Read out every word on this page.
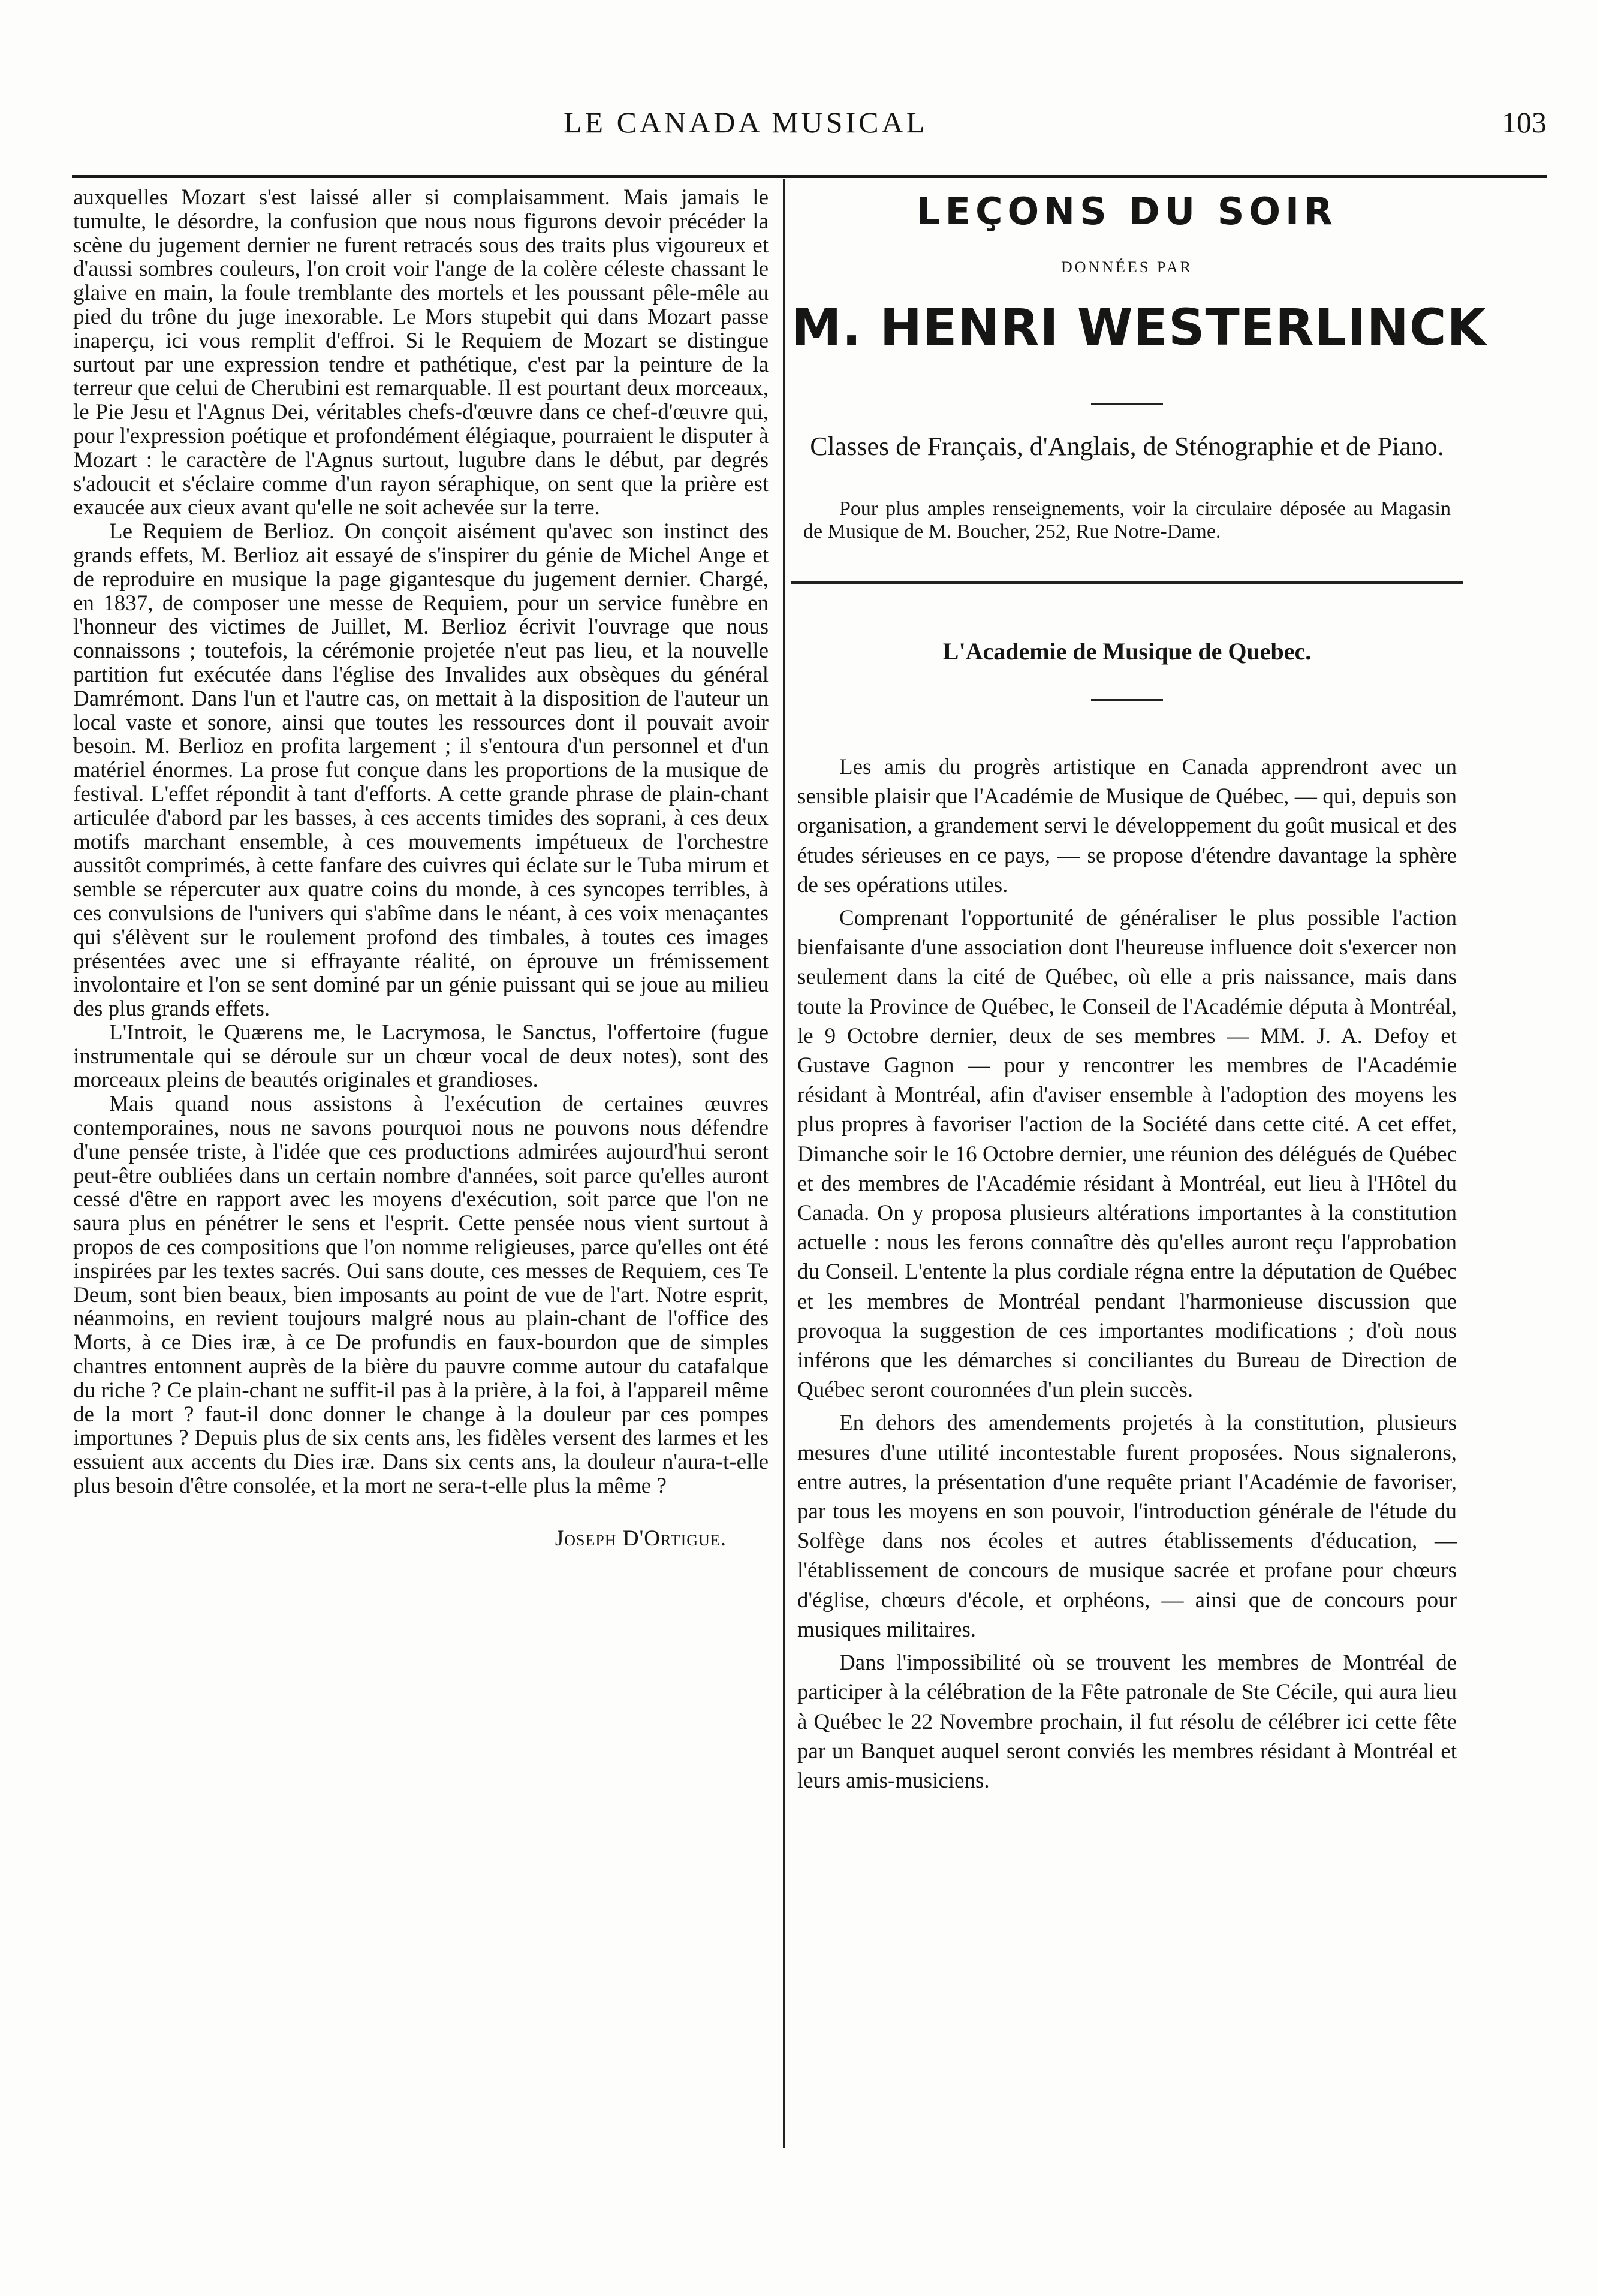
LE CANADA MUSICAL	103

auxquelles Mozart s'est laissé aller si complaisamment. Mais jamais le tumulte, le désordre, la confusion que nous nous figurons devoir précéder la scène du jugement dernier ne furent retracés sous des traits plus vigoureux et d'aussi sombres couleurs, l'on croit voir l'ange de la colère céleste chassant le glaive en main, la foule tremblante des mortels et les poussant pêle-mêle au pied du trône du juge inexorable. Le Mors stupebit qui dans Mozart passe inaperçu, ici vous remplit d'effroi. Si le Requiem de Mozart se distingue surtout par une expression tendre et pathétique, c'est par la peinture de la terreur que celui de Cherubini est remarquable. Il est pourtant deux morceaux, le Pie Jesu et l'Agnus Dei, véritables chefs-d'œuvre dans ce chef-d'œuvre qui, pour l'expression poétique et profondément élégiaque, pourraient le disputer à Mozart : le caractère de l'Agnus surtout, lugubre dans le début, par degrés s'adoucit et s'éclaire comme d'un rayon séraphique, on sent que la prière est exaucée aux cieux avant qu'elle ne soit achevée sur la terre.

Le Requiem de Berlioz. On conçoit aisément qu'avec son instinct des grands effets, M. Berlioz ait essayé de s'inspirer du génie de Michel Ange et de reproduire en musique la page gigantesque du jugement dernier. Chargé, en 1837, de composer une messe de Requiem, pour un service funèbre en l'honneur des victimes de Juillet, M. Berlioz écrivit l'ouvrage que nous connaissons ; toutefois, la cérémonie projetée n'eut pas lieu, et la nouvelle partition fut exécutée dans l'église des Invalides aux obsèques du général Damrémont. Dans l'un et l'autre cas, on mettait à la disposition de l'auteur un local vaste et sonore, ainsi que toutes les ressources dont il pouvait avoir besoin. M. Berlioz en profita largement ; il s'entoura d'un personnel et d'un matériel énormes. La prose fut conçue dans les proportions de la musique de festival. L'effet répondit à tant d'efforts. A cette grande phrase de plain-chant articulée d'abord par les basses, à ces accents timides des soprani, à ces deux motifs marchant ensemble, à ces mouvements impétueux de l'orchestre aussitôt comprimés, à cette fanfare des cuivres qui éclate sur le Tuba mirum et semble se répercuter aux quatre coins du monde, à ces syncopes terribles, à ces convulsions de l'univers qui s'abîme dans le néant, à ces voix menaçantes qui s'élèvent sur le roulement profond des timbales, à toutes ces images présentées avec une si effrayante réalité, on éprouve un frémissement involontaire et l'on se sent dominé par un génie puissant qui se joue au milieu des plus grands effets.

L'Introit, le Quærens me, le Lacrymosa, le Sanctus, l'offertoire (fugue instrumentale qui se déroule sur un chœur vocal de deux notes), sont des morceaux pleins de beautés originales et grandioses.

Mais quand nous assistons à l'exécution de certaines œuvres contemporaines, nous ne savons pourquoi nous ne pouvons nous défendre d'une pensée triste, à l'idée que ces productions admirées aujourd'hui seront peut-être oubliées dans un certain nombre d'années, soit parce qu'elles auront cessé d'être en rapport avec les moyens d'exécution, soit parce que l'on ne saura plus en pénétrer le sens et l'esprit. Cette pensée nous vient surtout à propos de ces compositions que l'on nomme religieuses, parce qu'elles ont été inspirées par les textes sacrés. Oui sans doute, ces messes de Requiem, ces Te Deum, sont bien beaux, bien imposants au point de vue de l'art. Notre esprit, néanmoins, en revient toujours malgré nous au plain-chant de l'office des Morts, à ce Dies iræ, à ce De profundis en faux-bourdon que de simples chantres entonnent auprès de la bière du pauvre comme autour du catafalque du riche ? Ce plain-chant ne suffit-il pas à la prière, à la foi, à l'appareil même de la mort ? faut-il donc donner le change à la douleur par ces pompes importunes ? Depuis plus de six cents ans, les fidèles versent des larmes et les essuient aux accents du Dies iræ. Dans six cents ans, la douleur n'aura-t-elle plus besoin d'être consolée, et la mort ne sera-t-elle plus la même ?

Joseph D'Ortigue.
LEÇONS DU SOIR
DONNÉES PAR
M. HENRI WESTERLINCK
Classes de Français, d'Anglais, de Sténographie et de Piano.
Pour plus amples renseignements, voir la circulaire déposée au Magasin de Musique de M. Boucher, 252, Rue Notre-Dame.
L'Academie de Musique de Quebec.

Les amis du progrès artistique en Canada apprendront avec un sensible plaisir que l'Académie de Musique de Québec, — qui, depuis son organisation, a grandement servi le développement du goût musical et des études sérieuses en ce pays, — se propose d'étendre davantage la sphère de ses opérations utiles.

Comprenant l'opportunité de généraliser le plus possible l'action bienfaisante d'une association dont l'heureuse influence doit s'exercer non seulement dans la cité de Québec, où elle a pris naissance, mais dans toute la Province de Québec, le Conseil de l'Académie députa à Montréal, le 9 Octobre dernier, deux de ses membres — MM. J. A. Defoy et Gustave Gagnon — pour y rencontrer les membres de l'Académie résidant à Montréal, afin d'aviser ensemble à l'adoption des moyens les plus propres à favoriser l'action de la Société dans cette cité. A cet effet, Dimanche soir le 16 Octobre dernier, une réunion des délégués de Québec et des membres de l'Académie résidant à Montréal, eut lieu à l'Hôtel du Canada. On y proposa plusieurs altérations importantes à la constitution actuelle : nous les ferons connaître dès qu'elles auront reçu l'approbation du Conseil. L'entente la plus cordiale régna entre la députation de Québec et les membres de Montréal pendant l'harmonieuse discussion que provoqua la suggestion de ces importantes modifications ; d'où nous inférons que les démarches si conciliantes du Bureau de Direction de Québec seront couronnées d'un plein succès.

En dehors des amendements projetés à la constitution, plusieurs mesures d'une utilité incontestable furent proposées. Nous signalerons, entre autres, la présentation d'une requête priant l'Académie de favoriser, par tous les moyens en son pouvoir, l'introduction générale de l'étude du Solfège dans nos écoles et autres établissements d'éducation, — l'établissement de concours de musique sacrée et profane pour chœurs d'église, chœurs d'école, et orphéons, — ainsi que de concours pour musiques militaires.

Dans l'impossibilité où se trouvent les membres de Montréal de participer à la célébration de la Fête patronale de Ste Cécile, qui aura lieu à Québec le 22 Novembre prochain, il fut résolu de célébrer ici cette fête par un Banquet auquel seront conviés les membres résidant à Montréal et leurs amis-musiciens.
